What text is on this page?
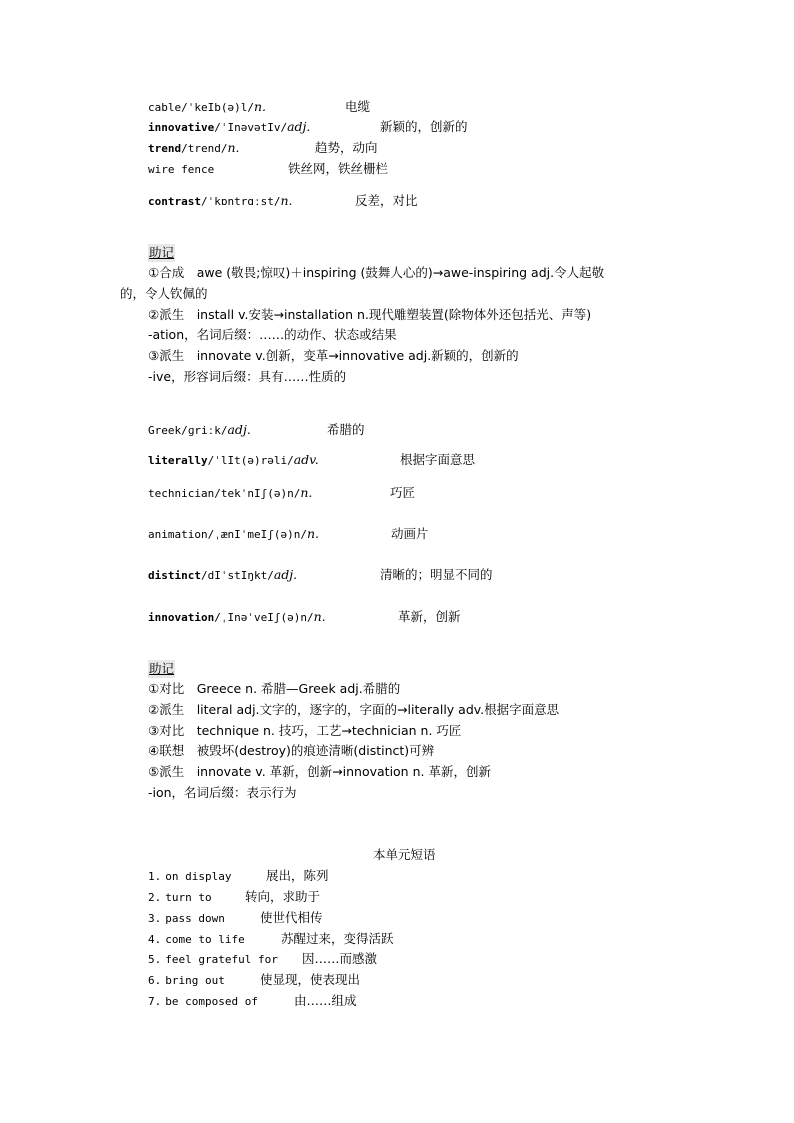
cable/ˈkeIb(ə)l/n.	电缆
innovative/ˈInəvətIv/adj.	新颖的，创新的
trend/trend/n.	趋势，动向
wire fence	铁丝网，铁丝栅栏
contrast/ˈkɒntrɑːst/n.	反差，对比
助记
①合成　awe (敬畏;惊叹)＋inspiring (鼓舞人心的)→awe-inspiring adj.令人起敬
的，令人钦佩的
②派生　install v.安装→installation n.现代雕塑装置(除物体外还包括光、声等)
-ation，名词后缀：……的动作、状态或结果
③派生　innovate v.创新，变革→innovative adj.新颖的，创新的
-ive，形容词后缀：具有……性质的
Greek/ɡriːk/adj.	希腊的
literally/ˈlIt(ə)rəli/adv.	根据字面意思
technician/tekˈnIʃ(ə)n/n.	巧匠
animation/ˌænIˈmeIʃ(ə)n/n.	动画片
distinct/dIˈstIŋkt/adj.	清晰的；明显不同的
innovation/ˌInəˈveIʃ(ə)n/n.	革新，创新
助记
①对比　Greece n. 希腊—Greek adj.希腊的
②派生　literal adj.文字的，逐字的，字面的→literally adv.根据字面意思
③对比　technique n. 技巧，工艺→technician n. 巧匠
④联想　被毁坏(destroy)的痕迹清晰(distinct)可辨
⑤派生　innovate v. 革新，创新→innovation n. 革新，创新
-ion，名词后缀：表示行为
本单元短语
1. on display	展出，陈列
2. turn to	转向，求助于
3. pass down	使世代相传
4. come to life	苏醒过来，变得活跃
5. feel grateful for 因……而感激
6. bring out	使显现，使表现出
7. be composed of	由……组成
